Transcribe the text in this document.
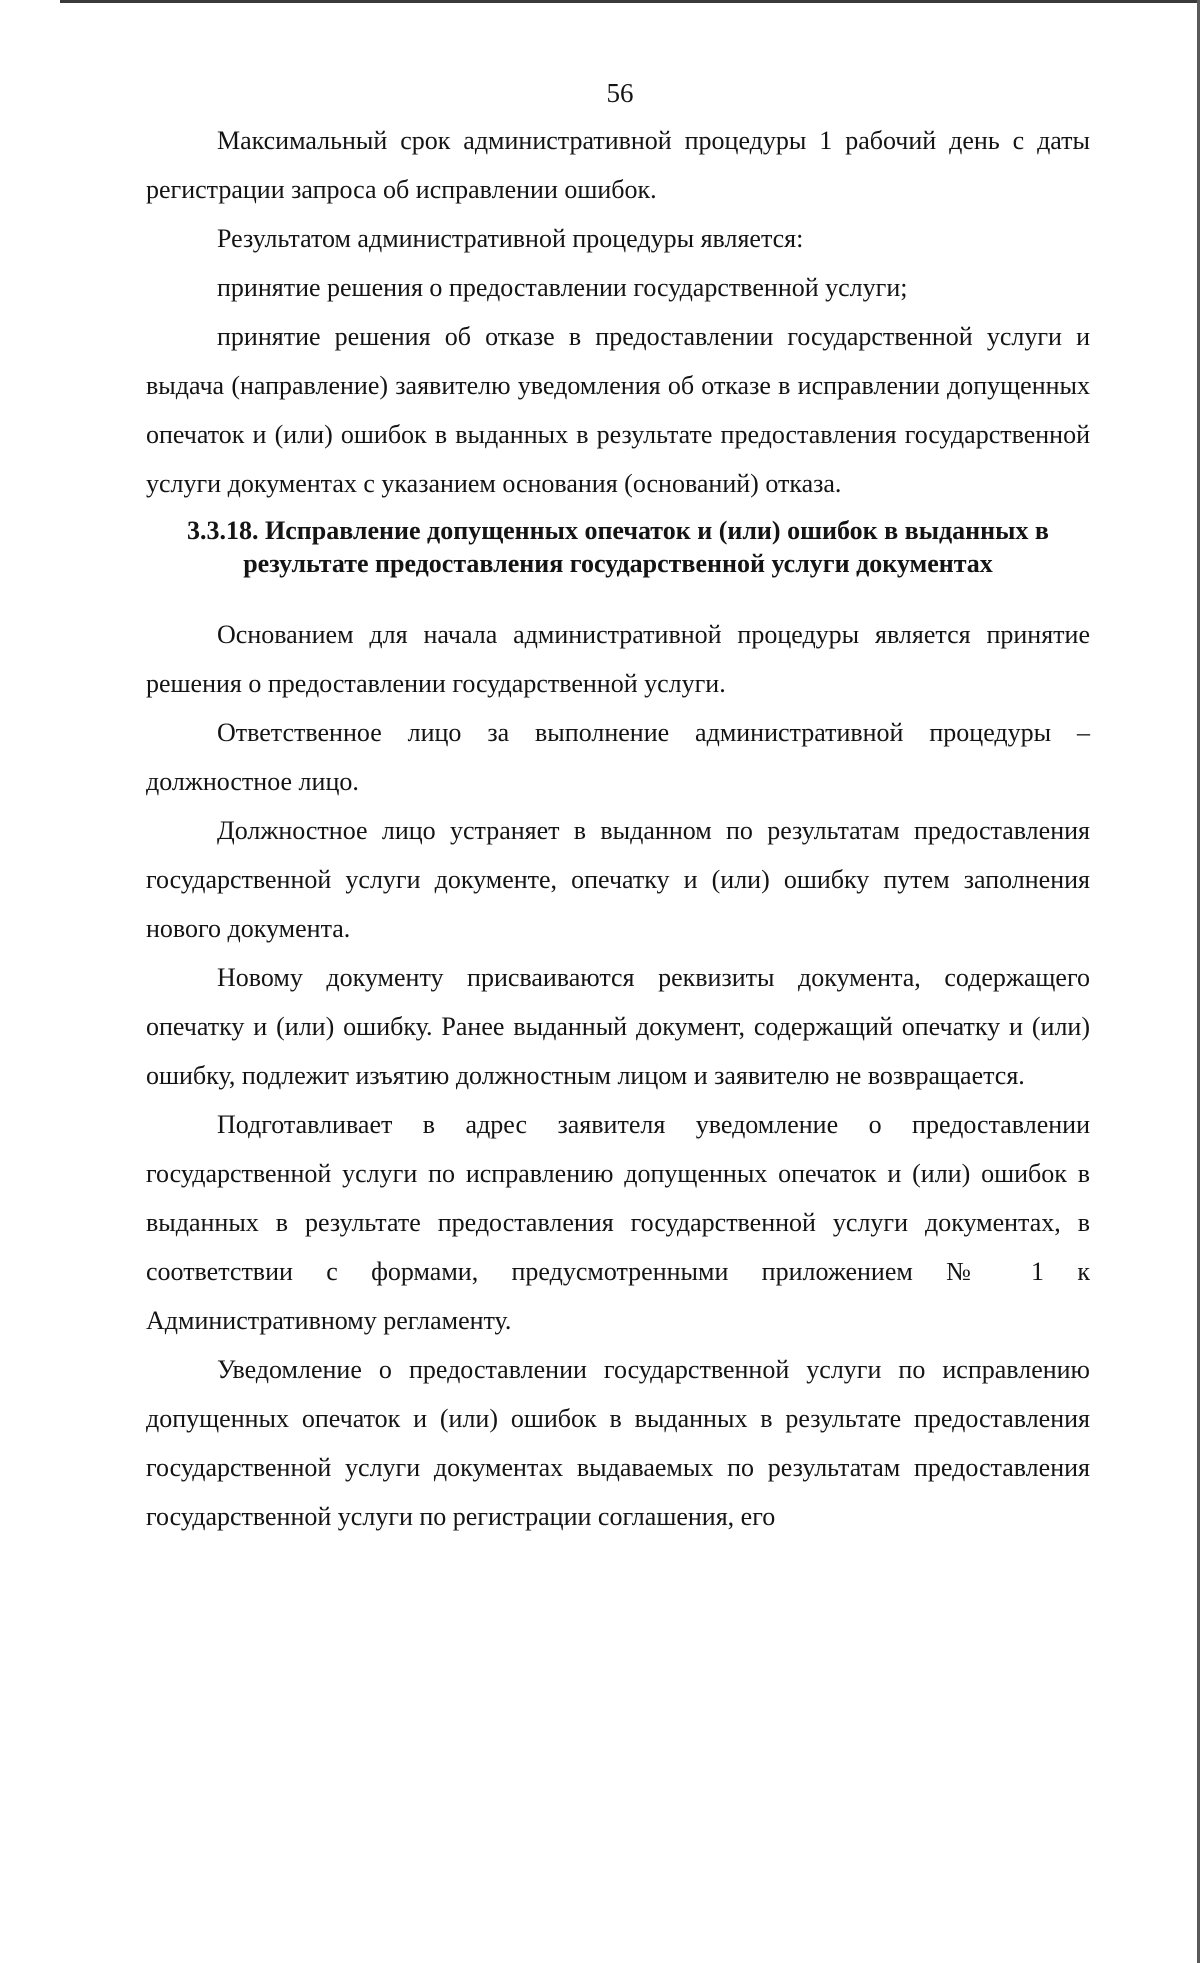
56

Максимальный срок административной процедуры 1 рабочий день с даты регистрации запроса об исправлении ошибок.

Результатом административной процедуры является:

принятие решения о предоставлении государственной услуги;

принятие решения об отказе в предоставлении государственной услуги и выдача (направление) заявителю уведомления об отказе в исправлении допущенных опечаток и (или) ошибок в выданных в результате предоставления государственной услуги документах с указанием основания (оснований) отказа.

3.3.18. Исправление допущенных опечаток и (или) ошибок в выданных в результате предоставления государственной услуги документах

Основанием для начала административной процедуры является принятие решения о предоставлении государственной услуги.

Ответственное лицо за выполнение административной процедуры – должностное лицо.

Должностное лицо устраняет в выданном по результатам предоставления государственной услуги документе, опечатку и (или) ошибку путем заполнения нового документа.

Новому документу присваиваются реквизиты документа, содержащего опечатку и (или) ошибку. Ранее выданный документ, содержащий опечатку и (или) ошибку, подлежит изъятию должностным лицом и заявителю не возвращается.

Подготавливает в адрес заявителя уведомление о предоставлении государственной услуги по исправлению допущенных опечаток и (или) ошибок в выданных в результате предоставления государственной услуги документах, в соответствии с формами, предусмотренными приложением № 1 к Административному регламенту.

Уведомление о предоставлении государственной услуги по исправлению допущенных опечаток и (или) ошибок в выданных в результате предоставления государственной услуги документах выдаваемых по результатам предоставления государственной услуги по регистрации соглашения, его
